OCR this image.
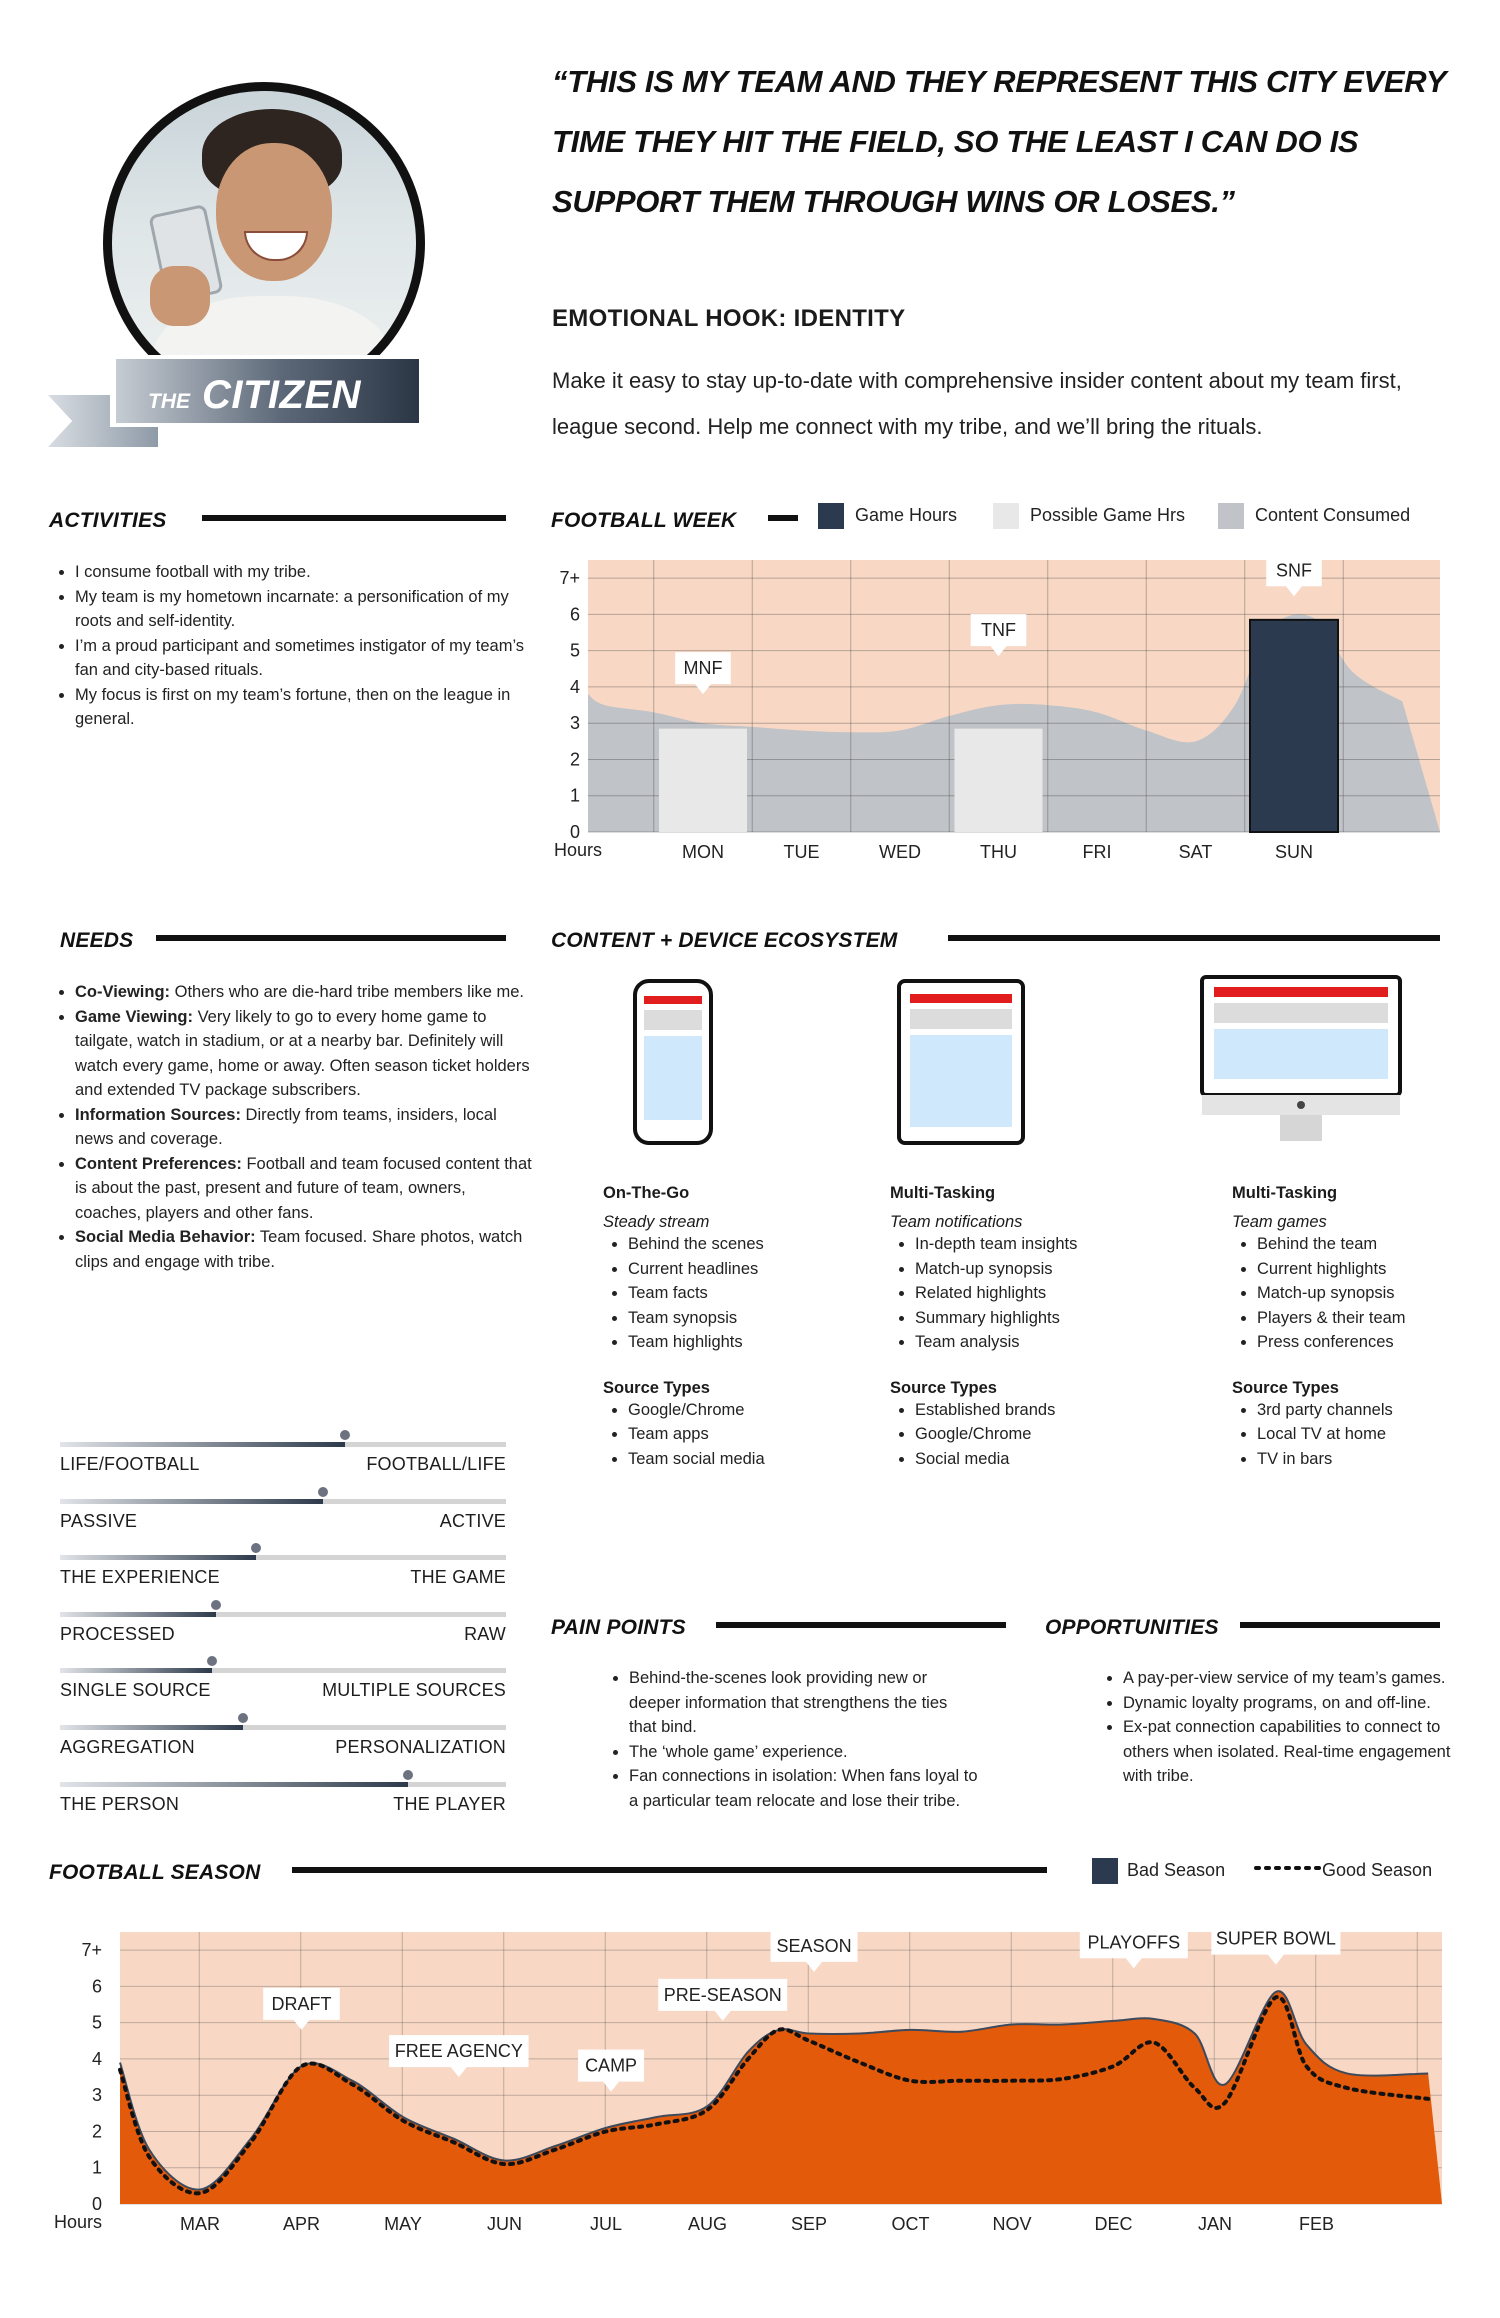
THE CITIZEN
“THIS IS MY TEAM AND THEY REPRESENT THIS CITY EVERY TIME THEY HIT THE FIELD, SO THE LEAST I CAN DO IS SUPPORT THEM THROUGH WINS OR LOSES.”
EMOTIONAL HOOK: IDENTITY
Make it easy to stay up-to-date with comprehensive insider content about my team first, league second. Help me connect with my tribe, and we’ll bring the rituals.
ACTIVITIES
• I consume football with my tribe.
• My team is my hometown incarnate: a personification of my roots and self-identity.
• I’m a proud participant and sometimes instigator of my team’s fan and city-based rituals.
• My focus is first on my team’s fortune, then on the league in general.
FOOTBALL WEEK	Game Hours	Possible Game Hrs	Content Consumed
0
1
2
3
4
5
6
7+
MON	TUE	WED	THU	FRI	SAT	SUN
Hours
MNF
TNF
SNF
NEEDS
• Co-Viewing: Others who are die-hard tribe members like me.
• Game Viewing: Very likely to go to every home game to tailgate, watch in stadium, or at a nearby bar. Definitely will watch every game, home or away. Often season ticket holders and extended TV package subscribers.
• Information Sources: Directly from teams, insiders, local news and coverage.
• Content Preferences: Football and team focused content that is about the past, present and future of team, owners, coaches, players and other fans.
• Social Media Behavior: Team focused. Share photos, watch clips and engage with tribe.
LIFE/FOOTBALL	FOOTBALL/LIFE
PASSIVE	ACTIVE
THE EXPERIENCE	THE GAME
PROCESSED	RAW
SINGLE SOURCE	MULTIPLE SOURCES
AGGREGATION	PERSONALIZATION
THE PERSON	THE PLAYER
CONTENT + DEVICE ECOSYSTEM
On-The-Go
Steady stream
• Behind the scenes
• Current headlines
• Team facts
• Team synopsis
• Team highlights
Source Types
• Google/Chrome
• Team apps
• Team social media
Multi-Tasking
Team notifications
• In-depth team insights
• Match-up synopsis
• Related highlights
• Summary highlights
• Team analysis
Source Types
• Established brands
• Google/Chrome
• Social media
Multi-Tasking
Team games
• Behind the team
• Current highlights
• Match-up synopsis
• Players & their team
• Press conferences
Source Types
• 3rd party channels
• Local TV at home
• TV in bars
PAIN POINTS
• Behind-the-scenes look providing new or deeper information that strengthens the ties that bind.
• The ‘whole game’ experience.
• Fan connections in isolation: When fans loyal to a particular team relocate and lose their tribe.
OPPORTUNITIES
• A pay-per-view service of my team’s games.
• Dynamic loyalty programs, on and off-line.
• Ex-pat connection capabilities to connect to others when isolated. Real-time engagement with tribe.
FOOTBALL SEASON	Bad Season	Good Season
0
1
2
3
4
5
6
7+
MAR	APR	MAY	JUN	JUL	AUG	SEP	OCT	NOV	DEC	JAN	FEB
Hours
DRAFT
FREE AGENCY
CAMP
PRE-SEASON
SEASON	PLAYOFFS SUPER BOWL
